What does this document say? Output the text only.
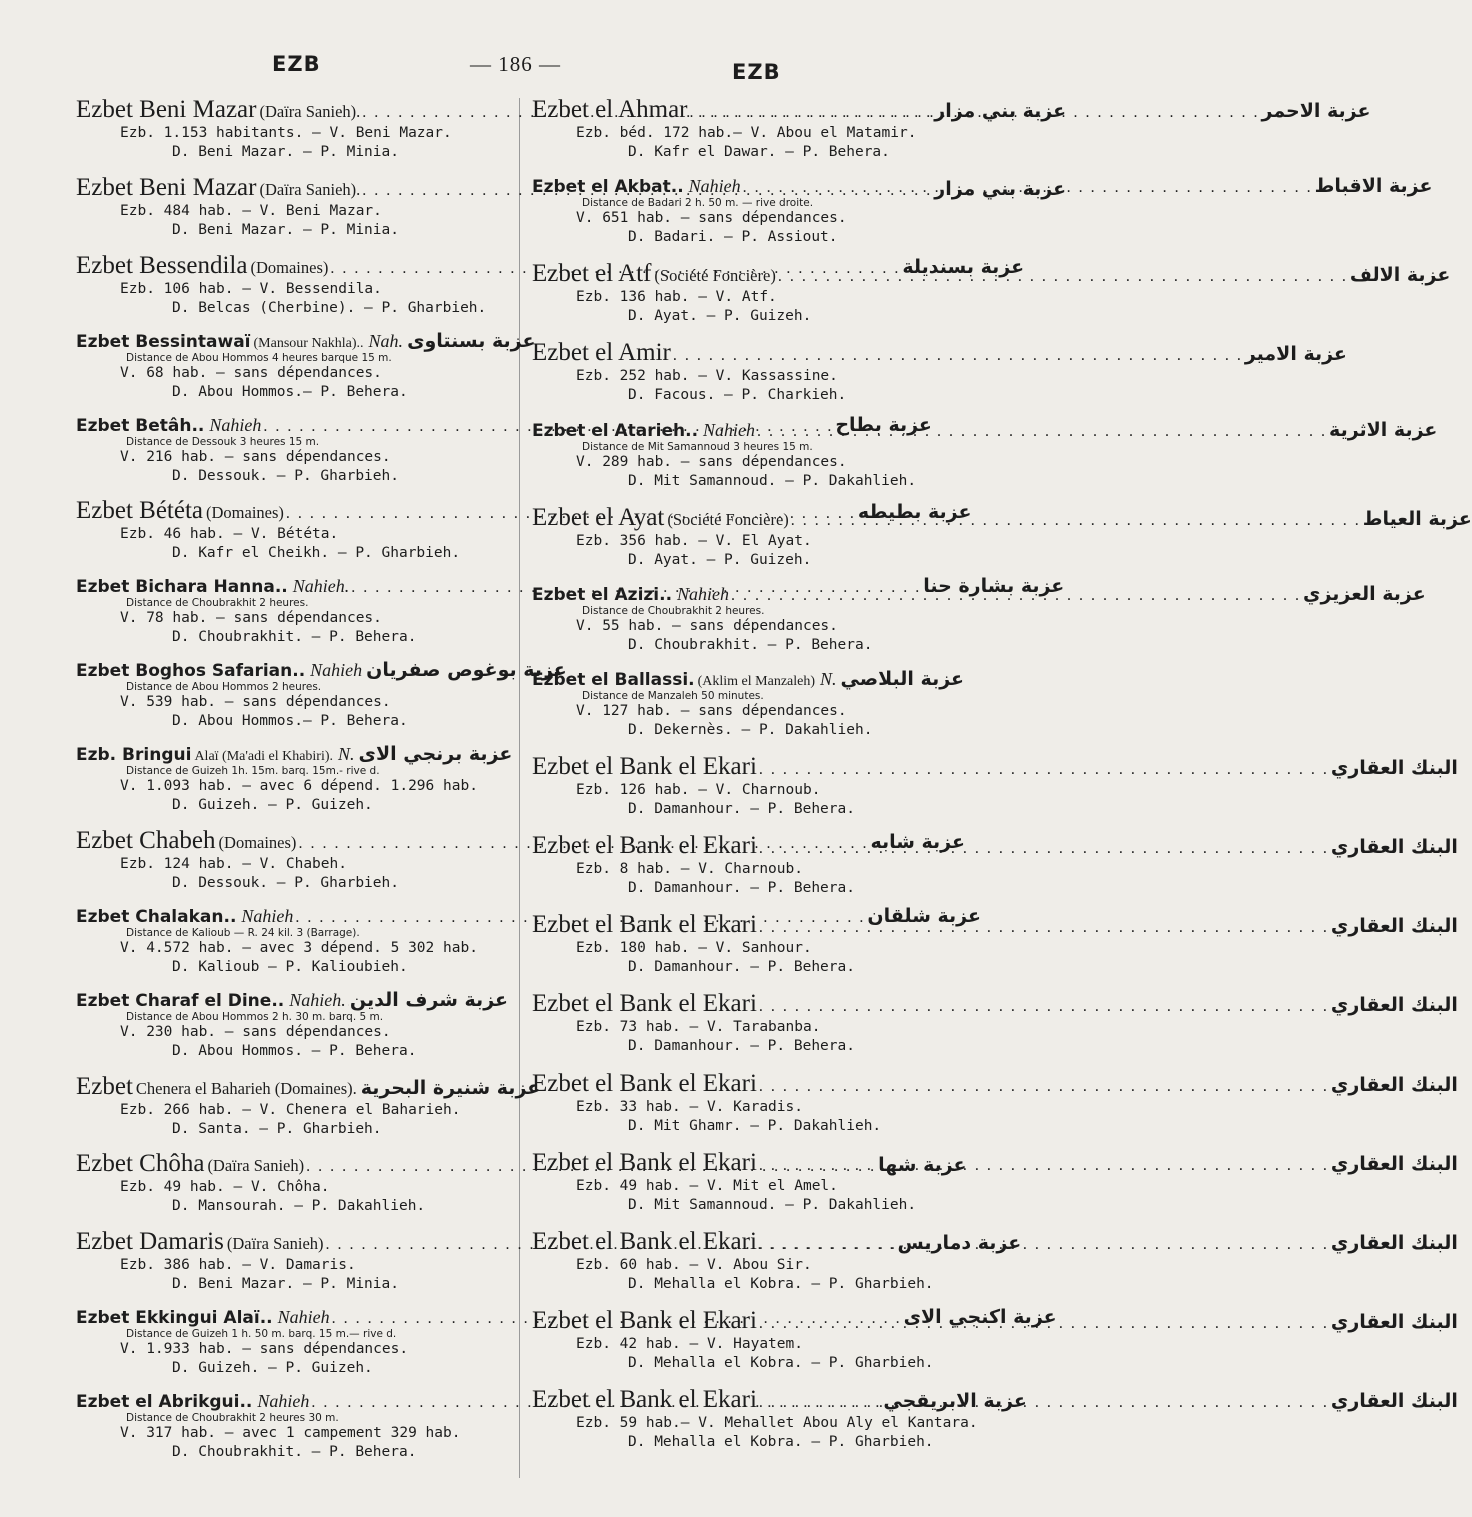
EZB	— 186 —	EZB
Ezbet Beni Mazar (Daïra Sanieh). . . .	عزبة بني مزار
Ezb. 1.153 habitants. — V. Beni Mazar.
D. Beni Mazar. — P. Minia.
Ezbet Beni Mazar (Daïra Sanieh). . . .	عزبة بني مزار
Ezb. 484 hab. — V. Beni Mazar.
D. Beni Mazar. — P. Minia.
Ezbet Bessendila (Domaines) . . .	عزبة بسنديلة
Ezb. 106 hab. — V. Bessendila.
D. Belcas (Cherbine). — P. Gharbieh.
Ezbet Bessintawaï (Mansour Nakhla).. Nah. عزبة بسنتاوى
Distance de Abou Hommos 4 heures barque 15 m.
V. 68 hab. — sans dépendances.
D. Abou Hommos.— P. Behera.
Ezbet Betâh.. Nahieh . . .	عزبة بطاح
Distance de Dessouk 3 heures 15 m.
V. 216 hab. — sans dépendances.
D. Dessouk. — P. Gharbieh.
Ezbet Bététa (Domaines) . . .	عزبة بطيطه
Ezb. 46 hab. — V. Bététa.
D. Kafr el Cheikh. — P. Gharbieh.
Ezbet Bichara Hanna.. Nahieh. . . .	عزبة بشارة حنا
Distance de Choubrakhit 2 heures.
V. 78 hab. — sans dépendances.
D. Choubrakhit. — P. Behera.
Ezbet Boghos Safarian.. Nahieh عزبة بوغوص صفريان
Distance de Abou Hommos 2 heures.
V. 539 hab. — sans dépendances.
D. Abou Hommos.— P. Behera.
Ezb. Bringui Alaï (Ma'adi el Khabiri). N. عزبة برنجي الاى
Distance de Guizeh 1h. 15m. barq. 15m.- rive d.
V. 1.093 hab. — avec 6 dépend. 1.296 hab.
D. Guizeh. — P. Guizeh.
Ezbet Chabeh (Domaines) . . .	عزبة شابه
Ezb. 124 hab. — V. Chabeh.
D. Dessouk. — P. Gharbieh.
Ezbet Chalakan.. Nahieh . . .	عزبة شلقان
Distance de Kalioub — R. 24 kil. 3 (Barrage).
V. 4.572 hab. — avec 3 dépend. 5 302 hab.
D. Kalioub — P. Kalioubieh.
Ezbet Charaf el Dine.. Nahieh. . . . عزبة شرف الدين
Distance de Abou Hommos 2 h. 30 m. barq. 5 m.
V. 230 hab. — sans dépendances.
D. Abou Hommos. — P. Behera.
Ezbet Chenera el Baharieh (Domaines). عزبة شنيرة البحرية
Ezb. 266 hab. — V. Chenera el Baharieh.
D. Santa. — P. Gharbieh.
Ezbet Chôha (Daïra Sanieh) . . .	عزبة شها
Ezb. 49 hab. — V. Chôha.
D. Mansourah. — P. Dakahlieh.
Ezbet Damaris (Daïra Sanieh) . . .	عزبة دماريس
Ezb. 386 hab. — V. Damaris.
D. Beni Mazar. — P. Minia.
Ezbet Ekkingui Alaï.. Nahieh . . .	عزبة اكنجي الاى
Distance de Guizeh 1 h. 50 m. barq. 15 m.— rive d.
V. 1.933 hab. — sans dépendances.
D. Guizeh. — P. Guizeh.
Ezbet el Abrikgui.. Nahieh . . .	عزبة الابريقجي
Distance de Choubrakhit 2 heures 30 m.
V. 317 hab. — avec 1 campement 329 hab.
D. Choubrakhit. — P. Behera.
Ezbet el Ahmar . . .	عزبة الاحمر
Ezb. béd. 172 hab.— V. Abou el Matamir.
D. Kafr el Dawar. — P. Behera.
Ezbet el Akbat.. Nahieh . . .	عزبة الاقباط
Distance de Badari 2 h. 50 m. — rive droite.
V. 651 hab. — sans dépendances.
D. Badari. — P. Assiout.
Ezbet el Atf (Société Foncière) . . .	عزبة الالف
Ezb. 136 hab. — V. Atf.
D. Ayat. — P. Guizeh.
Ezbet el Amir . . .	عزبة الامير
Ezb. 252 hab. — V. Kassassine.
D. Facous. — P. Charkieh.
Ezbet el Atarieh.. Nahieh . . .	عزبة الاثرية
Distance de Mit Samannoud 3 heures 15 m.
V. 289 hab. — sans dépendances.
D. Mit Samannoud. — P. Dakahlieh.
Ezbet el Ayat (Société Foncière) . . .	عزبة العياط
Ezb. 356 hab. — V. El Ayat.
D. Ayat. — P. Guizeh.
Ezbet el Azizi.. Nahieh . . .	عزبة العزيزي
Distance de Choubrakhit 2 heures.
V. 55 hab. — sans dépendances.
D. Choubrakhit. — P. Behera.
Ezbet el Ballassi. (Aklim el Manzaleh) N. عزبة البلاصي
Distance de Manzaleh 50 minutes.
V. 127 hab. — sans dépendances.
D. Dekernès. — P. Dakahlieh.
Ezbet el Bank el Ekari . . .	البنك العقاري
Ezb. 126 hab. — V. Charnoub.
D. Damanhour. — P. Behera.
Ezbet el Bank el Ekari . . .	البنك العقاري
Ezb. 8 hab. — V. Charnoub.
D. Damanhour. — P. Behera.
Ezbet el Bank el Ekari . . .	البنك العقاري
Ezb. 180 hab. — V. Sanhour.
D. Damanhour. — P. Behera.
Ezbet el Bank el Ekari . . .	البنك العقاري
Ezb. 73 hab. — V. Tarabanba.
D. Damanhour. — P. Behera.
Ezbet el Bank el Ekari . . .	البنك العقاري
Ezb. 33 hab. — V. Karadis.
D. Mit Ghamr. — P. Dakahlieh.
Ezbet el Bank el Ekari . . .	البنك العقاري
Ezb. 49 hab. — V. Mit el Amel.
D. Mit Samannoud. — P. Dakahlieh.
Ezbet el Bank el Ekari . . .	البنك العقاري
Ezb. 60 hab. — V. Abou Sir.
D. Mehalla el Kobra. — P. Gharbieh.
Ezbet el Bank el Ekari . . .	البنك العقاري
Ezb. 42 hab. — V. Hayatem.
D. Mehalla el Kobra. — P. Gharbieh.
Ezbet el Bank el Ekari . . .	البنك العقاري
Ezb. 59 hab.— V. Mehallet Abou Aly el Kantara.
D. Mehalla el Kobra. — P. Gharbieh.
